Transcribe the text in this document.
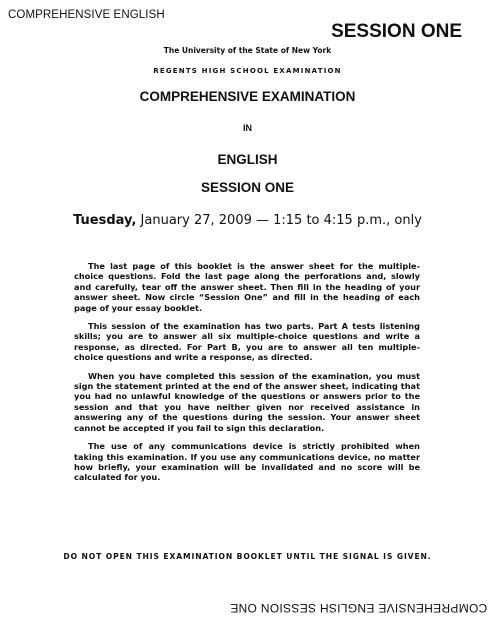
COMPREHENSIVE ENGLISH
SESSION ONE
The University of the State of New York
REGENTS HIGH SCHOOL EXAMINATION
COMPREHENSIVE EXAMINATION
IN
ENGLISH
SESSION ONE
Tuesday, January 27, 2009 — 1:15 to 4:15 p.m., only

The last page of this booklet is the answer sheet for the multiple-choice questions. Fold the last page along the perforations and, slowly and carefully, tear off the answer sheet. Then fill in the heading of your answer sheet. Now circle “Session One” and fill in the heading of each page of your essay booklet.

This session of the examination has two parts. Part A tests listening skills; you are to answer all six multiple-choice questions and write a response, as directed. For Part B, you are to answer all ten multiple-choice questions and write a response, as directed.

When you have completed this session of the examination, you must sign the statement printed at the end of the answer sheet, indicating that you had no unlawful knowledge of the questions or answers prior to the session and that you have neither given nor received assistance in answering any of the questions during the session. Your answer sheet cannot be accepted if you fail to sign this declaration.

The use of any communications device is strictly prohibited when taking this examination. If you use any communications device, no matter how briefly, your examination will be invalidated and no score will be calculated for you.

DO NOT OPEN THIS EXAMINATION BOOKLET UNTIL THE SIGNAL IS GIVEN.
COMPREHENSIVE ENGLISH SESSION ONE
